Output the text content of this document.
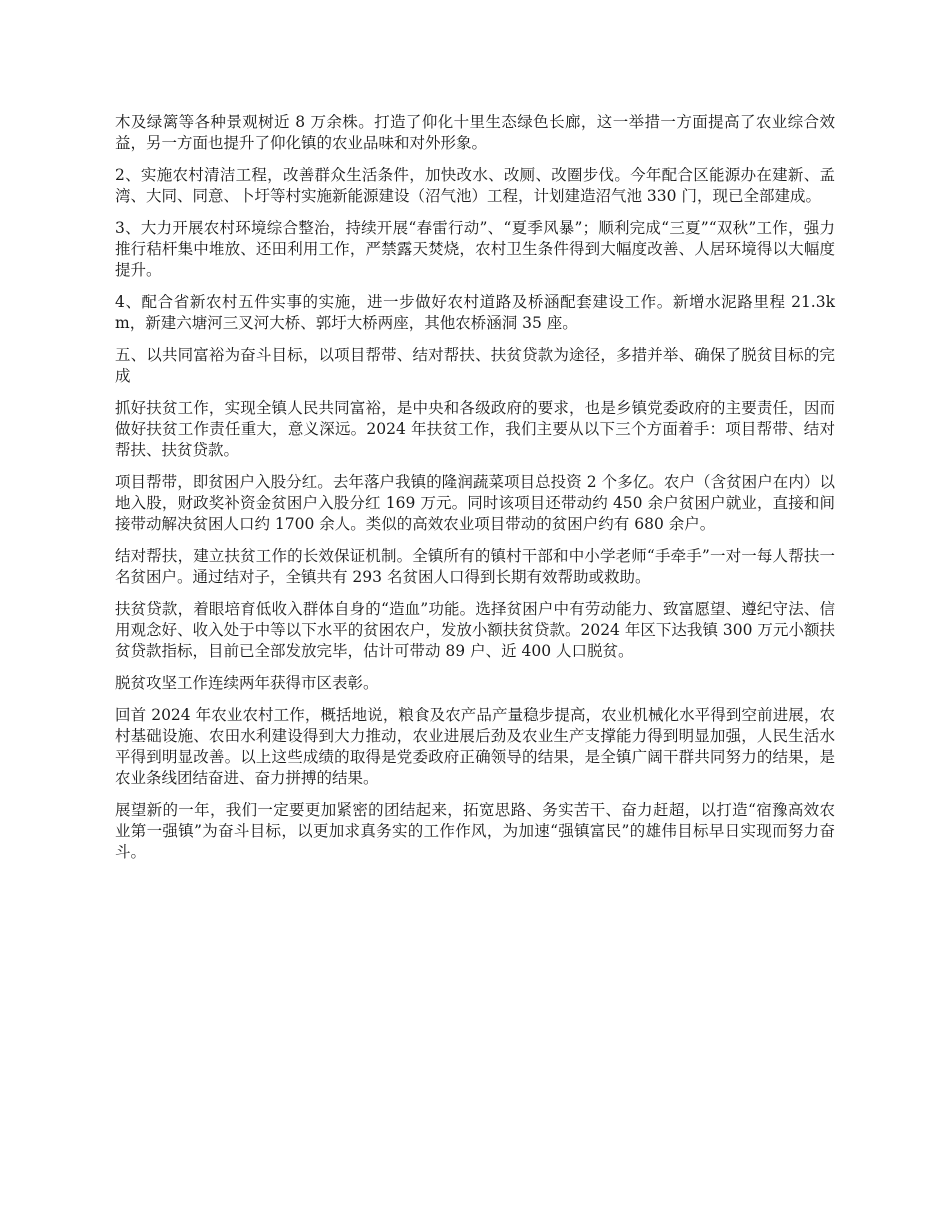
木及绿篱等各种景观树近 8 万余株。打造了仰化十里生态绿色长廊，这一举措一方面提高了农业综合效益，另一方面也提升了仰化镇的农业品味和对外形象。

2、实施农村清洁工程，改善群众生活条件，加快改水、改厕、改圈步伐。今年配合区能源办在建新、孟湾、大同、同意、卜圩等村实施新能源建设（沼气池）工程，计划建造沼气池 330 门，现已全部建成。

3、大力开展农村环境综合整治，持续开展“春雷行动”、“夏季风暴”；顺利完成“三夏”“双秋”工作，强力推行秸杆集中堆放、还田利用工作，严禁露天焚烧，农村卫生条件得到大幅度改善、人居环境得以大幅度提升。

4、配合省新农村五件实事的实施，进一步做好农村道路及桥涵配套建设工作。新增水泥路里程 21.3km，新建六塘河三叉河大桥、郭圩大桥两座，其他农桥涵洞 35 座。

五、以共同富裕为奋斗目标，以项目帮带、结对帮扶、扶贫贷款为途径，多措并举、确保了脱贫目标的完成

抓好扶贫工作，实现全镇人民共同富裕，是中央和各级政府的要求，也是乡镇党委政府的主要责任，因而做好扶贫工作责任重大，意义深远。2024 年扶贫工作，我们主要从以下三个方面着手：项目帮带、结对帮扶、扶贫贷款。

项目帮带，即贫困户入股分红。去年落户我镇的隆润蔬菜项目总投资 2 个多亿。农户（含贫困户在内）以地入股，财政奖补资金贫困户入股分红 169 万元。同时该项目还带动约 450 余户贫困户就业，直接和间接带动解决贫困人口约 1700 余人。类似的高效农业项目带动的贫困户约有 680 余户。

结对帮扶，建立扶贫工作的长效保证机制。全镇所有的镇村干部和中小学老师“手牵手”一对一每人帮扶一名贫困户。通过结对子，全镇共有 293 名贫困人口得到长期有效帮助或救助。

扶贫贷款，着眼培育低收入群体自身的“造血”功能。选择贫困户中有劳动能力、致富愿望、遵纪守法、信用观念好、收入处于中等以下水平的贫困农户，发放小额扶贫贷款。2024 年区下达我镇 300 万元小额扶贫贷款指标，目前已全部发放完毕，估计可带动 89 户、近 400 人口脱贫。

脱贫攻坚工作连续两年获得市区表彰。

回首 2024 年农业农村工作，概括地说，粮食及农产品产量稳步提高，农业机械化水平得到空前进展，农村基础设施、农田水利建设得到大力推动，农业进展后劲及农业生产支撑能力得到明显加强，人民生活水平得到明显改善。以上这些成绩的取得是党委政府正确领导的结果，是全镇广阔干群共同努力的结果，是农业条线团结奋进、奋力拼搏的结果。

展望新的一年，我们一定要更加紧密的团结起来，拓宽思路、务实苦干、奋力赶超，以打造“宿豫高效农业第一强镇”为奋斗目标，以更加求真务实的工作作风，为加速“强镇富民”的雄伟目标早日实现而努力奋斗。
